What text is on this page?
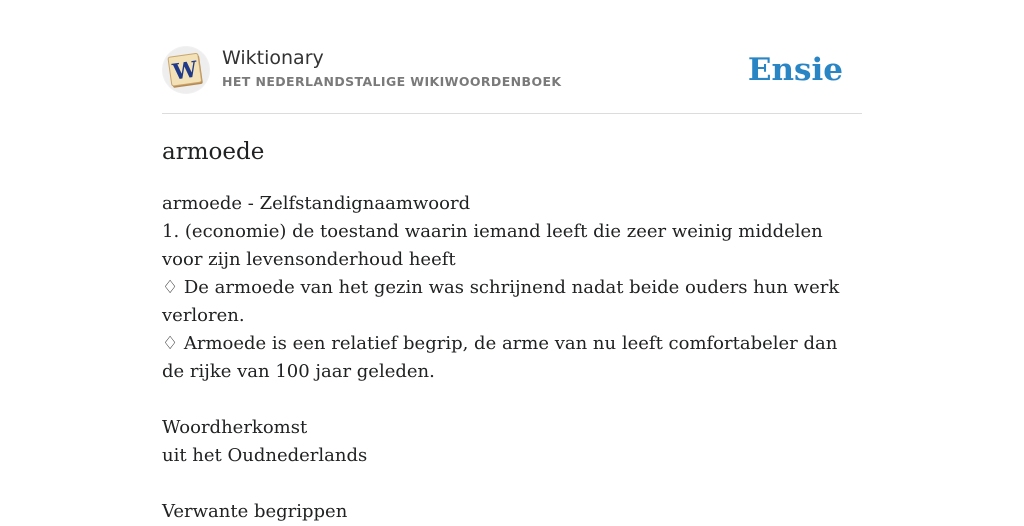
W Wiktionary
HET NEDERLANDSTALIGE WIKIWOORDENBOEK	Ensie
armoede
armoede - Zelfstandignaamwoord
1. (economie) de toestand waarin iemand leeft die zeer weinig middelen voor zijn levensonderhoud heeft
♢ De armoede van het gezin was schrijnend nadat beide ouders hun werk verloren.
♢ Armoede is een relatief begrip, de arme van nu leeft comfortabeler dan de rijke van 100 jaar geleden.
Woordherkomst
uit het Oudnederlands
Verwante begrippen
